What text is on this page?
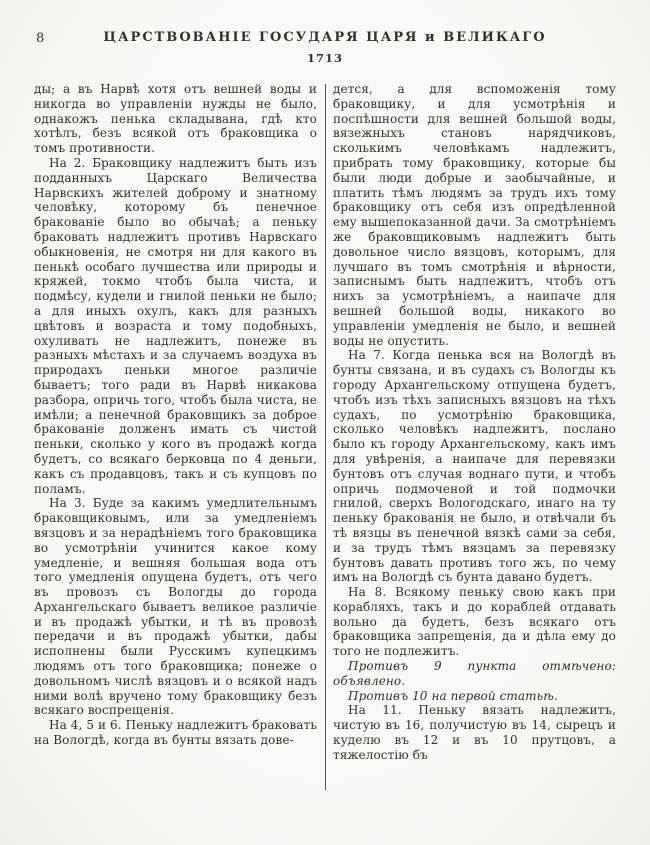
8	ЦАРСТВОВАНІЕ ГОСУДАРЯ ЦАРЯ и ВЕЛИКАГО
1713

ды; а въ Нарвѣ хотя отъ вешней воды и никогда во управленіи нужды не было, однакожъ пенька складывана, гдѣ кто хотѣлъ, безъ всякой отъ браковщика о томъ противности.

На 2. Браковщику надлежитъ быть изъ подданныхъ Царскаго Величества Нарвскихъ жителей доброму и знатному человѣку, которому бъ пенечное бракованіе было во обычаѣ; а пеньку браковать надлежитъ противъ Нарвскаго обыкновенія, не смотря ни для какого въ пенькѣ особаго лучшества или природы и кряжей, токмо чтобъ была чиста, и подмѣсу, кудели и гнилой пеньки не было; а для иныхъ охулъ, какъ для разныхъ цвѣтовъ и возраста и тому подобныхъ, охуливать не надлежитъ, понеже въ разныхъ мѣстахъ и за случаемъ воздуха въ природахъ пеньки многое различіе бываетъ; того ради въ Нарвѣ никакова разбора, опричь того, чтобъ была чиста, не имѣли; а пенечной браковщикъ за доброе бракованіе долженъ имать съ чистой пеньки, сколько у кого въ продажѣ когда будетъ, со всякаго берковца по 4 деньги, какъ съ продавцовъ, такъ и съ купцовъ по поламъ.

На 3. Буде за какимъ умедлительнымъ браковщиковымъ, или за умедленіемъ вязцовъ и за нерадѣніемъ того браковщика во усмотрѣніи учинится какое кому умедленіе, и вешняя большая вода отъ того умедленія опущена будетъ, отъ чего въ провозъ съ Вологды до города Архангельскаго бываетъ великое различіе и въ продажѣ убытки, и тѣ въ провозѣ передачи и въ продажѣ убытки, дабы исполнены были Русскимъ купецкимъ людямъ отъ того браковщика; понеже о довольномъ числѣ вязцовъ и о всякой надъ ними волѣ вручено тому браковщику безъ всякаго воспрещенія.

На 4, 5 и 6. Пеньку надлежитъ браковать на Вологдѣ, когда въ бунты вязать дове-

дется, а для вспоможенія тому браковщику, и для усмотрѣнія и поспѣшности для вешней большой воды, вязежныхъ становъ нарядчиковъ, сколькимъ человѣкамъ надлежитъ, прибрать тому браковщику, которые бы были люди добрые и заобычайные, и платить тѣмъ людямъ за трудъ ихъ тому браковщику отъ себя изъ опредѣленной ему вышепоказанной дачи. За смотрѣніемъ же браковщиковымъ надлежитъ быть довольное число вязцовъ, которымъ, для лучшаго въ томъ смотрѣнія и вѣрности, записнымъ быть надлежитъ, чтобъ отъ нихъ за усмотрѣніемъ, а наипаче для вешней большой воды, никакого во управленіи умедленія не было, и вешней воды не опустить.

На 7. Когда пенька вся на Вологдѣ въ бунты связана, и въ судахъ съ Вологды къ городу Архангельскому отпущена будетъ, чтобъ изъ тѣхъ записныхъ вязцовъ на тѣхъ судахъ, по усмотрѣнію браковщика, сколько человѣкъ надлежитъ, послано было къ городу Архангельскому, какъ имъ для увѣренія, а наипаче для перевязки бунтовъ отъ случая воднаго пути, и чтобъ опричь подмоченой и той подмочки гнилой, сверхъ Вологодскаго, инаго на ту пеньку бракованія не было, и отвѣчали бъ тѣ вязцы въ пенечной вязкѣ сами за себя, и за трудъ тѣмъ вязцамъ за перевязку бунтовъ давать противъ того жъ, по чему имъ на Вологдѣ съ бунта давано будетъ.

На 8. Всякому пеньку свою какъ при корабляхъ, такъ и до кораблей отдавать вольно да будетъ, безъ всякаго отъ браковщика запрещенія, да и дѣла ему до того не подлежитъ.

Противъ 9 пункта отмѣчено: объявлено.

Противъ 10 на первой статьѣ.

На 11. Пеньку вязать надлежитъ, чистую въ 16, получистую въ 14, сырецъ и куделю въ 12 и въ 10 прутцовъ, а тяжелостію бъ
